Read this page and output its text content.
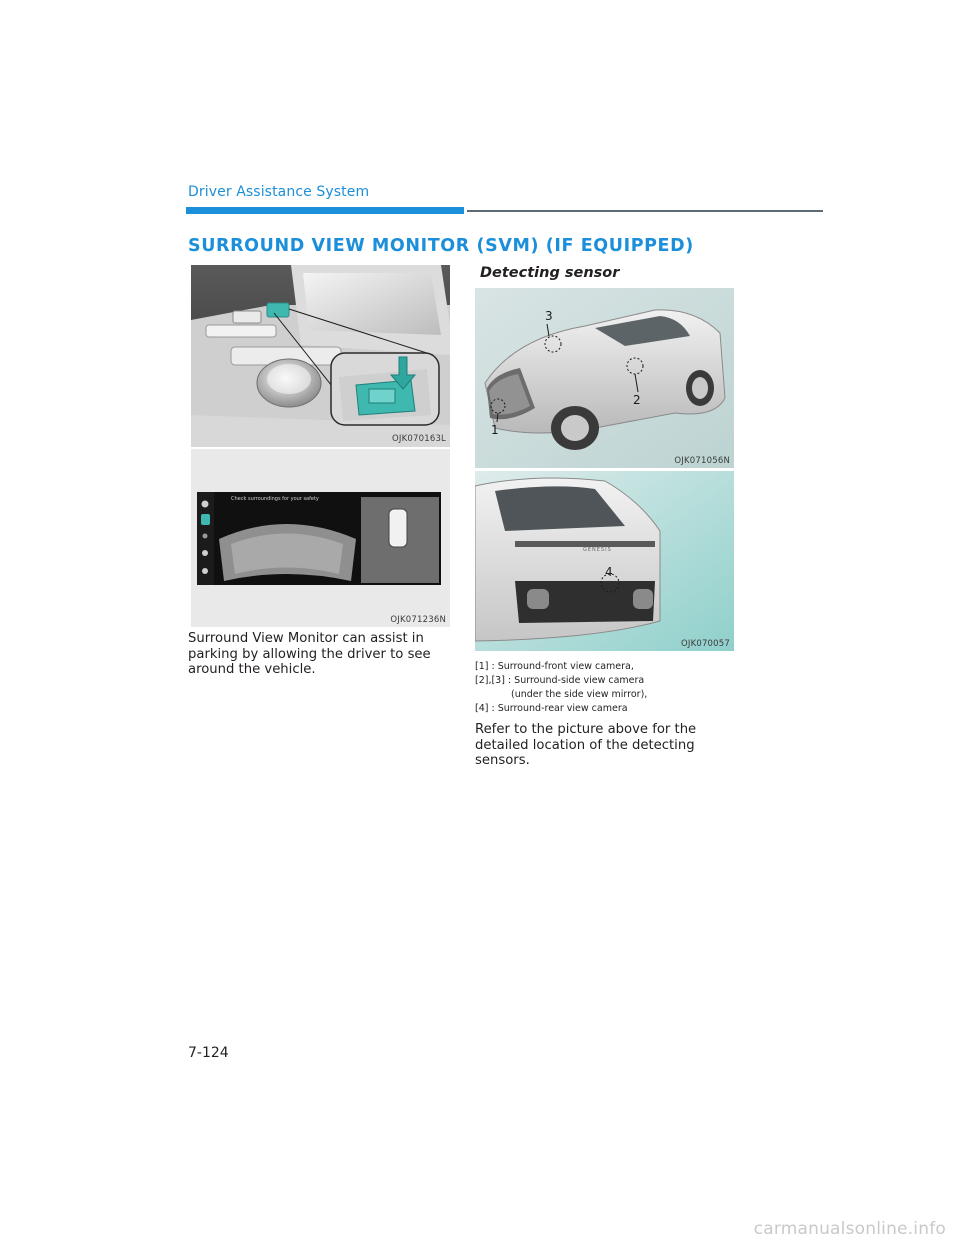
Driver Assistance System
SURROUND VIEW MONITOR (SVM) (IF EQUIPPED)
OJK070163L
Check surroundings for your safety
OJK071236N
Surround View Monitor can assist in parking by allowing the driver to see around the vehicle.
Detecting sensor
2
3
1
OJK071056N
GENESIS
4
OJK070057
[1] : Surround-front view camera,
[2],[3] : Surround-side view camera
(under the side view mirror),
[4] : Surround-rear view camera
Refer to the picture above for the detailed location of the detecting sensors.
7-124
carmanualsonline.info
